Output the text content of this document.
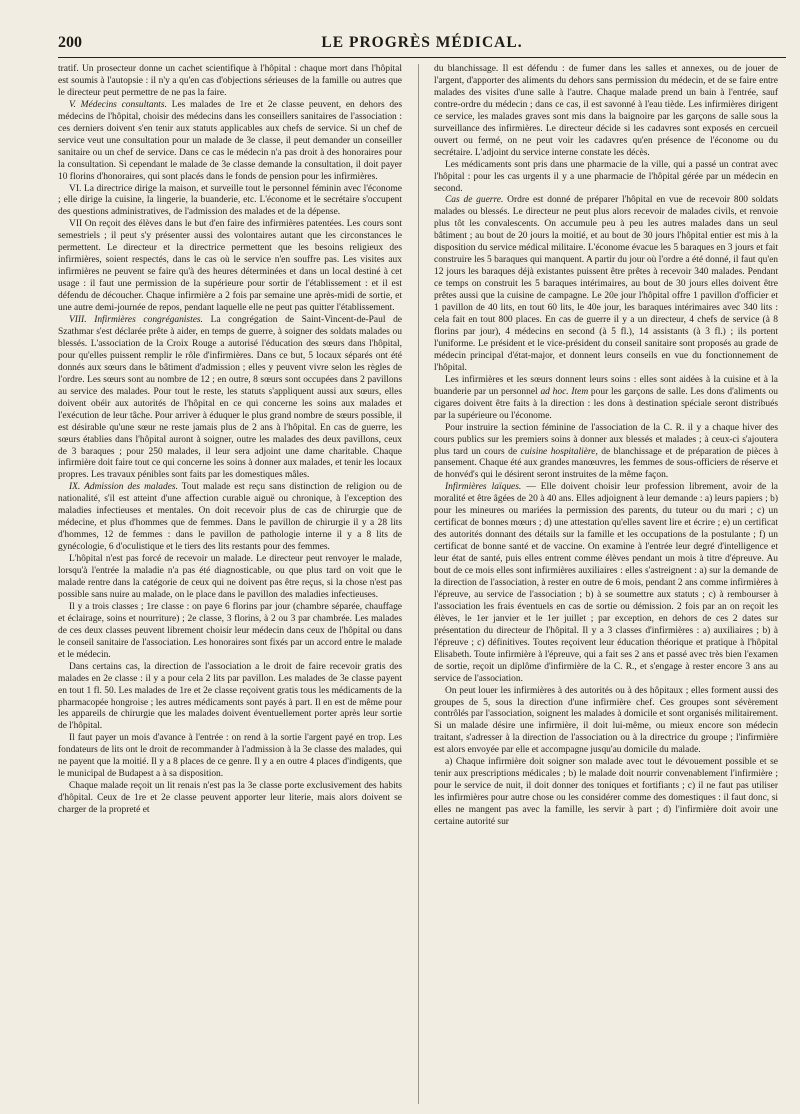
200	LE PROGRÈS MÉDICAL.

tratif. Un prosecteur donne un cachet scientifique à l'hôpital : chaque mort dans l'hôpital est soumis à l'autopsie : il n'y a qu'en cas d'objections sérieuses de la famille ou autres que le directeur peut permettre de ne pas la faire.

V. Médecins consultants. Les malades de 1re et 2e classe peuvent, en dehors des médecins de l'hôpital, choisir des médecins dans les conseillers sanitaires de l'association : ces derniers doivent s'en tenir aux statuts applicables aux chefs de service. Si un chef de service veut une consultation pour un malade de 3e classe, il peut demander un conseiller sanitaire ou un chef de service. Dans ce cas le médecin n'a pas droit à des honoraires pour la consultation. Si cependant le malade de 3e classe demande la consultation, il doit payer 10 florins d'honoraires, qui sont placés dans le fonds de pension pour les infirmières.

VI. La directrice dirige la maison, et surveille tout le personnel féminin avec l'économe ; elle dirige la cuisine, la lingerie, la buanderie, etc. L'économe et le secrétaire s'occupent des questions administratives, de l'admission des malades et de la dépense.

VII On reçoit des élèves dans le but d'en faire des infirmières patentées. Les cours sont semestriels ; il peut s'y présenter aussi des volontaires autant que les circonstances le permettent. Le directeur et la directrice permettent que les besoins religieux des infirmières, soient respectés, dans le cas où le service n'en souffre pas. Les visites aux infirmières ne peuvent se faire qu'à des heures déterminées et dans un local destiné à cet usage : il faut une permission de la supérieure pour sortir de l'établissement : et il est défendu de découcher. Chaque infirmière a 2 fois par semaine une après-midi de sortie, et une autre demi-journée de repos, pendant laquelle elle ne peut pas quitter l'établissement.

VIII. Infirmières congréganistes. La congrégation de Saint-Vincent-de-Paul de Szathmar s'est déclarée prête à aider, en temps de guerre, à soigner des soldats malades ou blessés. L'association de la Croix Rouge a autorisé l'éducation des sœurs dans l'hôpital, pour qu'elles puissent remplir le rôle d'infirmières. Dans ce but, 5 locaux séparés ont été donnés aux sœurs dans le bâtiment d'admission ; elles y peuvent vivre selon les règles de l'ordre. Les sœurs sont au nombre de 12 ; en outre, 8 sœurs sont occupées dans 2 pavillons au service des malades. Pour tout le reste, les statuts s'appliquent aussi aux sœurs, elles doivent obéir aux autorités de l'hôpital en ce qui concerne les soins aux malades et l'exécution de leur tâche. Pour arriver à éduquer le plus grand nombre de sœurs possible, il est désirable qu'une sœur ne reste jamais plus de 2 ans à l'hôpital. En cas de guerre, les sœurs établies dans l'hôpital auront à soigner, outre les malades des deux pavillons, ceux de 3 baraques ; pour 250 malades, il leur sera adjoint une dame charitable. Chaque infirmière doit faire tout ce qui concerne les soins à donner aux malades, et tenir les locaux propres. Les travaux pénibles sont faits par les domestiques mâles.

IX. Admission des malades. Tout malade est reçu sans distinction de religion ou de nationalité, s'il est atteint d'une affection curable aiguë ou chronique, à l'exception des maladies infectieuses et mentales. On doit recevoir plus de cas de chirurgie que de médecine, et plus d'hommes que de femmes. Dans le pavillon de chirurgie il y a 28 lits d'hommes, 12 de femmes : dans le pavillon de pathologie interne il y a 8 lits de gynécologie, 6 d'oculistique et le tiers des lits restants pour des femmes.

L'hôpital n'est pas forcé de recevoir un malade. Le directeur peut renvoyer le malade, lorsqu'à l'entrée la maladie n'a pas été diagnosticable, ou que plus tard on voit que le malade rentre dans la catégorie de ceux qui ne doivent pas être reçus, si la chose n'est pas possible sans nuire au malade, on le place dans le pavillon des maladies infectieuses.

Il y a trois classes ; 1re classe : on paye 6 florins par jour (chambre séparée, chauffage et éclairage, soins et nourriture) ; 2e classe, 3 florins, à 2 ou 3 par chambrée. Les malades de ces deux classes peuvent librement choisir leur médecin dans ceux de l'hôpital ou dans le conseil sanitaire de l'association. Les honoraires sont fixés par un accord entre le malade et le médecin.

Dans certains cas, la direction de l'association a le droit de faire recevoir gratis des malades en 2e classe : il y a pour cela 2 lits par pavillon. Les malades de 3e classe payent en tout 1 fl. 50. Les malades de 1re et 2e classe reçoivent gratis tous les médicaments de la pharmacopée hongroise ; les autres médicaments sont payés à part. Il en est de même pour les appareils de chirurgie que les malades doivent éventuellement porter après leur sortie de l'hôpital.

Il faut payer un mois d'avance à l'entrée : on rend à la sortie l'argent payé en trop. Les fondateurs de lits ont le droit de recommander à l'admission à la 3e classe des malades, qui ne payent que la moitié. Il y a 8 places de ce genre. Il y a en outre 4 places d'indigents, que le municipal de Budapest a à sa disposition.

Chaque malade reçoit un lit renais n'est pas la 3e classe porte exclusivement des habits d'hôpital. Ceux de 1re et 2e classe peuvent apporter leur literie, mais alors doivent se charger de la propreté et

du blanchissage. Il est défendu : de fumer dans les salles et annexes, ou de jouer de l'argent, d'apporter des aliments du dehors sans permission du médecin, et de se faire entre malades des visites d'une salle à l'autre. Chaque malade prend un bain à l'entrée, sauf contre-ordre du médecin ; dans ce cas, il est savonné à l'eau tiède. Les infirmières dirigent ce service, les malades graves sont mis dans la baignoire par les garçons de salle sous la surveillance des infirmières. Le directeur décide si les cadavres sont exposés en cercueil ouvert ou fermé, on ne peut voir les cadavres qu'en présence de l'économe ou du secrétaire. L'adjoint du service interne constate les décès.

Les médicaments sont pris dans une pharmacie de la ville, qui a passé un contrat avec l'hôpital : pour les cas urgents il y a une pharmacie de l'hôpital gérée par un médecin en second.

Cas de guerre. Ordre est donné de préparer l'hôpital en vue de recevoir 800 soldats malades ou blessés. Le directeur ne peut plus alors recevoir de malades civils, et renvoie plus tôt les convalescents. On accumule peu à peu les autres malades dans un seul bâtiment ; au bout de 20 jours la moitié, et au bout de 30 jours l'hôpital entier est mis à la disposition du service médical militaire. L'économe évacue les 5 baraques en 3 jours et fait construire les 5 baraques qui manquent. A partir du jour où l'ordre a été donné, il faut qu'en 12 jours les baraques déjà existantes puissent être prêtes à recevoir 340 malades. Pendant ce temps on construit les 5 baraques intérimaires, au bout de 30 jours elles doivent être prêtes aussi que la cuisine de campagne. Le 20e jour l'hôpital offre 1 pavillon d'officier et 1 pavillon de 40 lits, en tout 60 lits, le 40e jour, les baraques intérimaires avec 340 lits : cela fait en tout 800 places. En cas de guerre il y a un directeur, 4 chefs de service (à 8 florins par jour), 4 médecins en second (à 5 fl.), 14 assistants (à 3 fl.) ; ils portent l'uniforme. Le président et le vice-président du conseil sanitaire sont proposés au grade de médecin principal d'état-major, et donnent leurs conseils en vue du fonctionnement de l'hôpital.

Les infirmières et les sœurs donnent leurs soins : elles sont aidées à la cuisine et à la buanderie par un personnel ad hoc. Item pour les garçons de salle. Les dons d'aliments ou cigares doivent être faits à la direction : les dons à destination spéciale seront distribués par la supérieure ou l'économe.

Pour instruire la section féminine de l'association de la C. R. il y a chaque hiver des cours publics sur les premiers soins à donner aux blessés et malades ; à ceux-ci s'ajoutera plus tard un cours de cuisine hospitalière, de blanchissage et de préparation de pièces à pansement. Chaque été aux grandes manœuvres, les femmes de sous-officiers de réserve et de honvéd's qui le désirent seront instruites de la même façon.

Infirmières laïques. — Elle doivent choisir leur profession librement, avoir de la moralité et être âgées de 20 à 40 ans. Elles adjoignent à leur demande : a) leurs papiers ; b) pour les mineures ou mariées la permission des parents, du tuteur ou du mari ; c) un certificat de bonnes mœurs ; d) une attestation qu'elles savent lire et écrire ; e) un certificat des autorités donnant des détails sur la famille et les occupations de la postulante ; f) un certificat de bonne santé et de vaccine. On examine à l'entrée leur degré d'intelligence et leur état de santé, puis elles entrent comme élèves pendant un mois à titre d'épreuve. Au bout de ce mois elles sont infirmières auxiliaires : elles s'astreignent : a) sur la demande de la direction de l'association, à rester en outre de 6 mois, pendant 2 ans comme infirmières à l'épreuve, au service de l'association ; b) à se soumettre aux statuts ; c) à rembourser à l'association les frais éventuels en cas de sortie ou démission. 2 fois par an on reçoit les élèves, le 1er janvier et le 1er juillet ; par exception, en dehors de ces 2 dates sur présentation du directeur de l'hôpital. Il y a 3 classes d'infirmières : a) auxiliaires ; b) à l'épreuve ; c) définitives. Toutes reçoivent leur éducation théorique et pratique à l'hôpital Elisabeth. Toute infirmière à l'épreuve, qui a fait ses 2 ans et passé avec très bien l'examen de sortie, reçoit un diplôme d'infirmière de la C. R., et s'engage à rester encore 3 ans au service de l'association.

On peut louer les infirmières à des autorités ou à des hôpitaux ; elles forment aussi des groupes de 5, sous la direction d'une infirmière chef. Ces groupes sont sévèrement contrôlés par l'association, soignent les malades à domicile et sont organisés militairement. Si un malade désire une infirmière, il doit lui-même, ou mieux encore son médecin traitant, s'adresser à la direction de l'association ou à la directrice du groupe ; l'infirmière est alors envoyée par elle et accompagne jusqu'au domicile du malade.

a) Chaque infirmière doit soigner son malade avec tout le dévouement possible et se tenir aux prescriptions médicales ; b) le malade doit nourrir convenablement l'infirmière ; pour le service de nuit, il doit donner des toniques et fortifiants ; c) il ne faut pas utiliser les infirmières pour autre chose ou les considérer comme des domestiques : il faut donc, si elles ne mangent pas avec la famille, les servir à part ; d) l'infirmière doit avoir une certaine autorité sur
